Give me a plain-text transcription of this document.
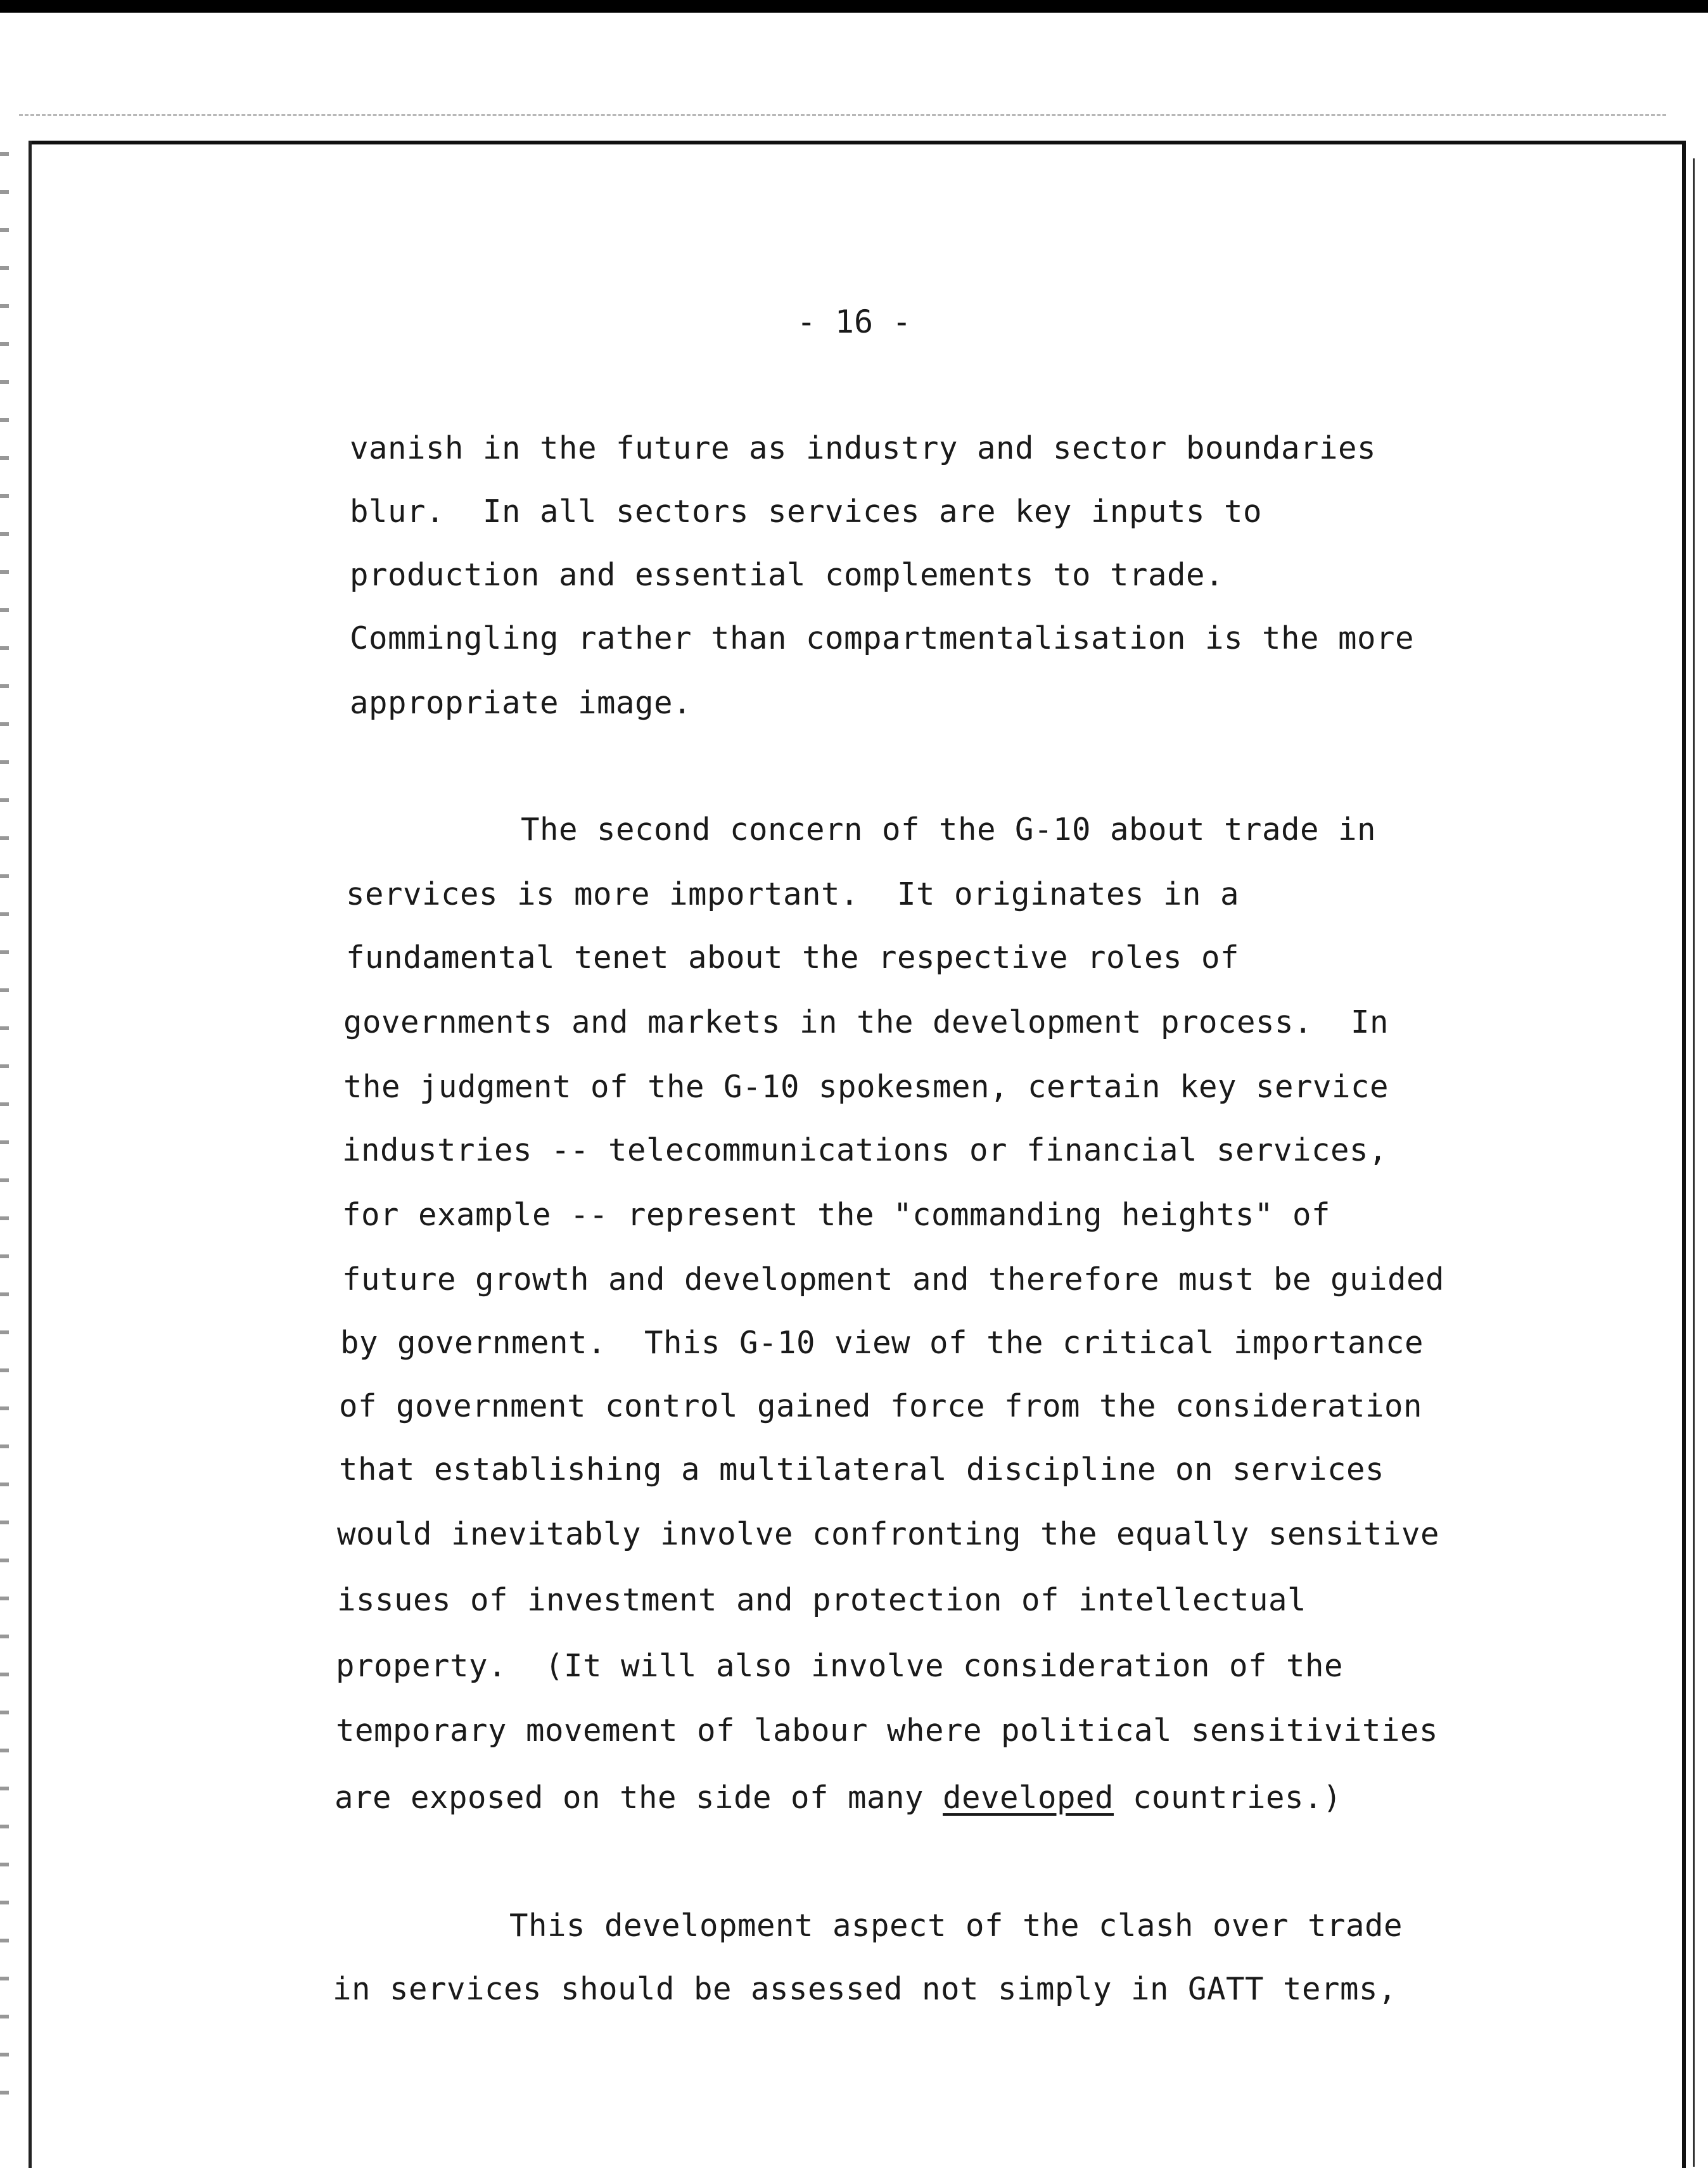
- 16 -
vanish in the future as industry and sector boundaries
blur.  In all sectors services are key inputs to
production and essential complements to trade.
Commingling rather than compartmentalisation is the more
appropriate image.
The second concern of the G-10 about trade in
services is more important.  It originates in a
fundamental tenet about the respective roles of
governments and markets in the development process.  In
the judgment of the G-10 spokesmen, certain key service
industries -- telecommunications or financial services,
for example -- represent the "commanding heights" of
future growth and development and therefore must be guided
by government.  This G-10 view of the critical importance
of government control gained force from the consideration
that establishing a multilateral discipline on services
would inevitably involve confronting the equally sensitive
issues of investment and protection of intellectual
property.  (It will also involve consideration of the
temporary movement of labour where political sensitivities
are exposed on the side of many developed countries.)
This development aspect of the clash over trade
in services should be assessed not simply in GATT terms,
